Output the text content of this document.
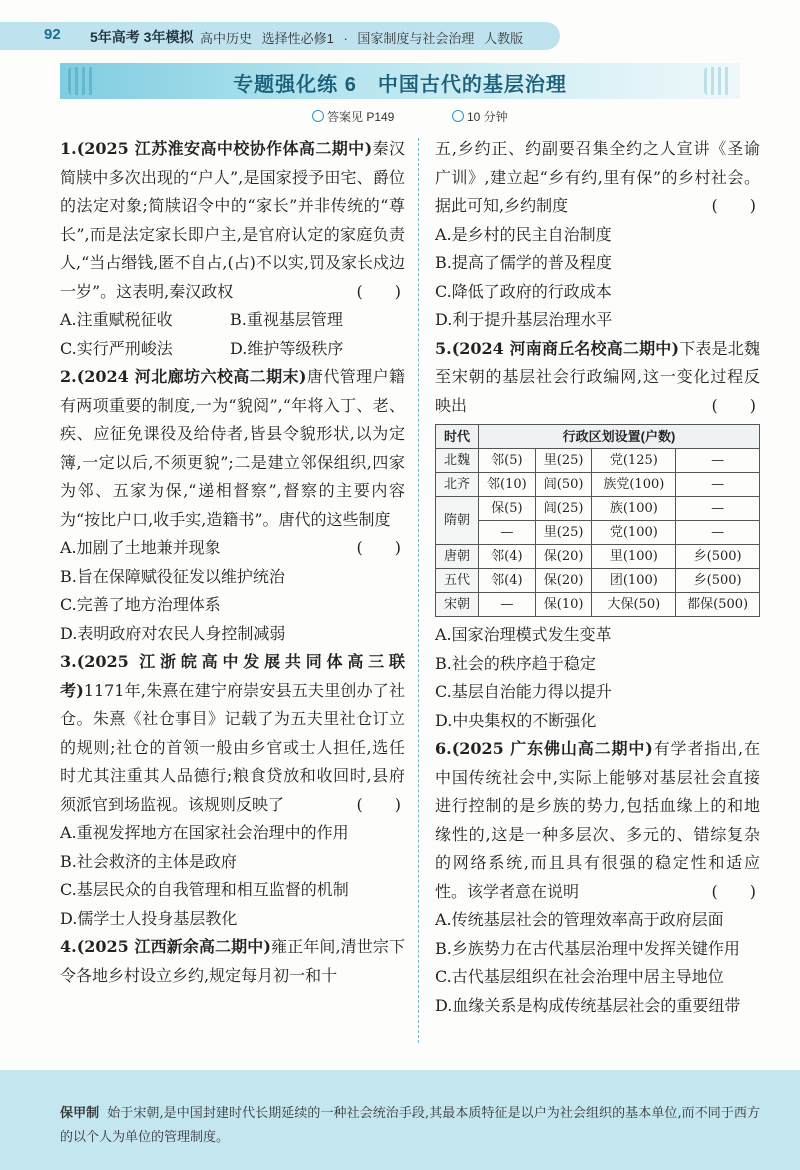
92 5年高考 3年模拟 高中历史 选择性必修1 · 国家制度与社会治理 人教版
专题强化练 6　中国古代的基层治理
答案见 P149	10 分钟

1.(2025 江苏淮安高中校协作体高二期中)秦汉简牍中多次出现的“户人”,是国家授予田宅、爵位的法定对象;简牍诏令中的“家长”并非传统的“尊长”,而是法定家长即户主,是官府认定的家庭负责人,“当占缗钱,匿不自占,(占)不以实,罚及家长戍边一岁”。这表明,秦汉政权	(　　)

A.注重赋税征收	B.重视基层管理
C.实行严刑峻法	D.维护等级秩序

2.(2024 河北廊坊六校高二期末)唐代管理户籍有两项重要的制度,一为“貌阅”,“年将入丁、老、疾、应征免课役及给侍者,皆县令貌形状,以为定簿,一定以后,不须更貌”;二是建立邻保组织,四家为邻、五家为保,“递相督察”,督察的主要内容为“按比户口,收手实,造籍书”。唐代的这些制度
(　　)

A.加剧了土地兼并现象

B.旨在保障赋役征发以维护统治

C.完善了地方治理体系

D.表明政府对农民人身控制减弱

3.(2025 江浙皖高中发展共同体高三联考)1171年,朱熹在建宁府崇安县五夫里创办了社仓。朱熹《社仓事目》记载了为五夫里社仓订立的规则;社仓的首领一般由乡官或士人担任,选任时尤其注重其人品德行;粮食贷放和收回时,县府须派官到场监视。该规则反映了	(　　)

A.重视发挥地方在国家社会治理中的作用

B.社会救济的主体是政府

C.基层民众的自我管理和相互监督的机制

D.儒学士人投身基层教化

4.(2025 江西新余高二期中)雍正年间,清世宗下令各地乡村设立乡约,规定每月初一和十

五,乡约正、约副要召集全约之人宣讲《圣谕广训》,建立起“乡有约,里有保”的乡村社会。据此可知,乡约制度	(　　)

A.是乡村的民主自治制度

B.提高了儒学的普及程度

C.降低了政府的行政成本

D.利于提升基层治理水平

5.(2024 河南商丘名校高二期中)下表是北魏至宋朝的基层社会行政编网,这一变化过程反映出	(　　)

时代	行政区划设置(户数)			
北魏	邻(5)	里(25)	党(125)	—
北齐	邻(10)	闾(50)	族党(100)	—
隋朝	保(5)	闾(25)	族(100)	—
	—	里(25)	党(100)	—
唐朝	邻(4)	保(20)	里(100)	乡(500)
五代	邻(4)	保(20)	团(100)	乡(500)
宋朝	—	保(10)	大保(50)	都保(500)

A.国家治理模式发生变革

B.社会的秩序趋于稳定

C.基层自治能力得以提升

D.中央集权的不断强化

6.(2025 广东佛山高二期中)有学者指出,在中国传统社会中,实际上能够对基层社会直接进行控制的是乡族的势力,包括血缘上的和地缘性的,这是一种多层次、多元的、错综复杂的网络系统,而且具有很强的稳定性和适应性。该学者意在说明	(　　)

A.传统基层社会的管理效率高于政府层面

B.乡族势力在古代基层治理中发挥关键作用

C.古代基层组织在社会治理中居主导地位

D.血缘关系是构成传统基层社会的重要纽带

保甲制 始于宋朝,是中国封建时代长期延续的一种社会统治手段,其最本质特征是以户为社会组织的基本单位,而不同于西方的以个人为单位的管理制度。
